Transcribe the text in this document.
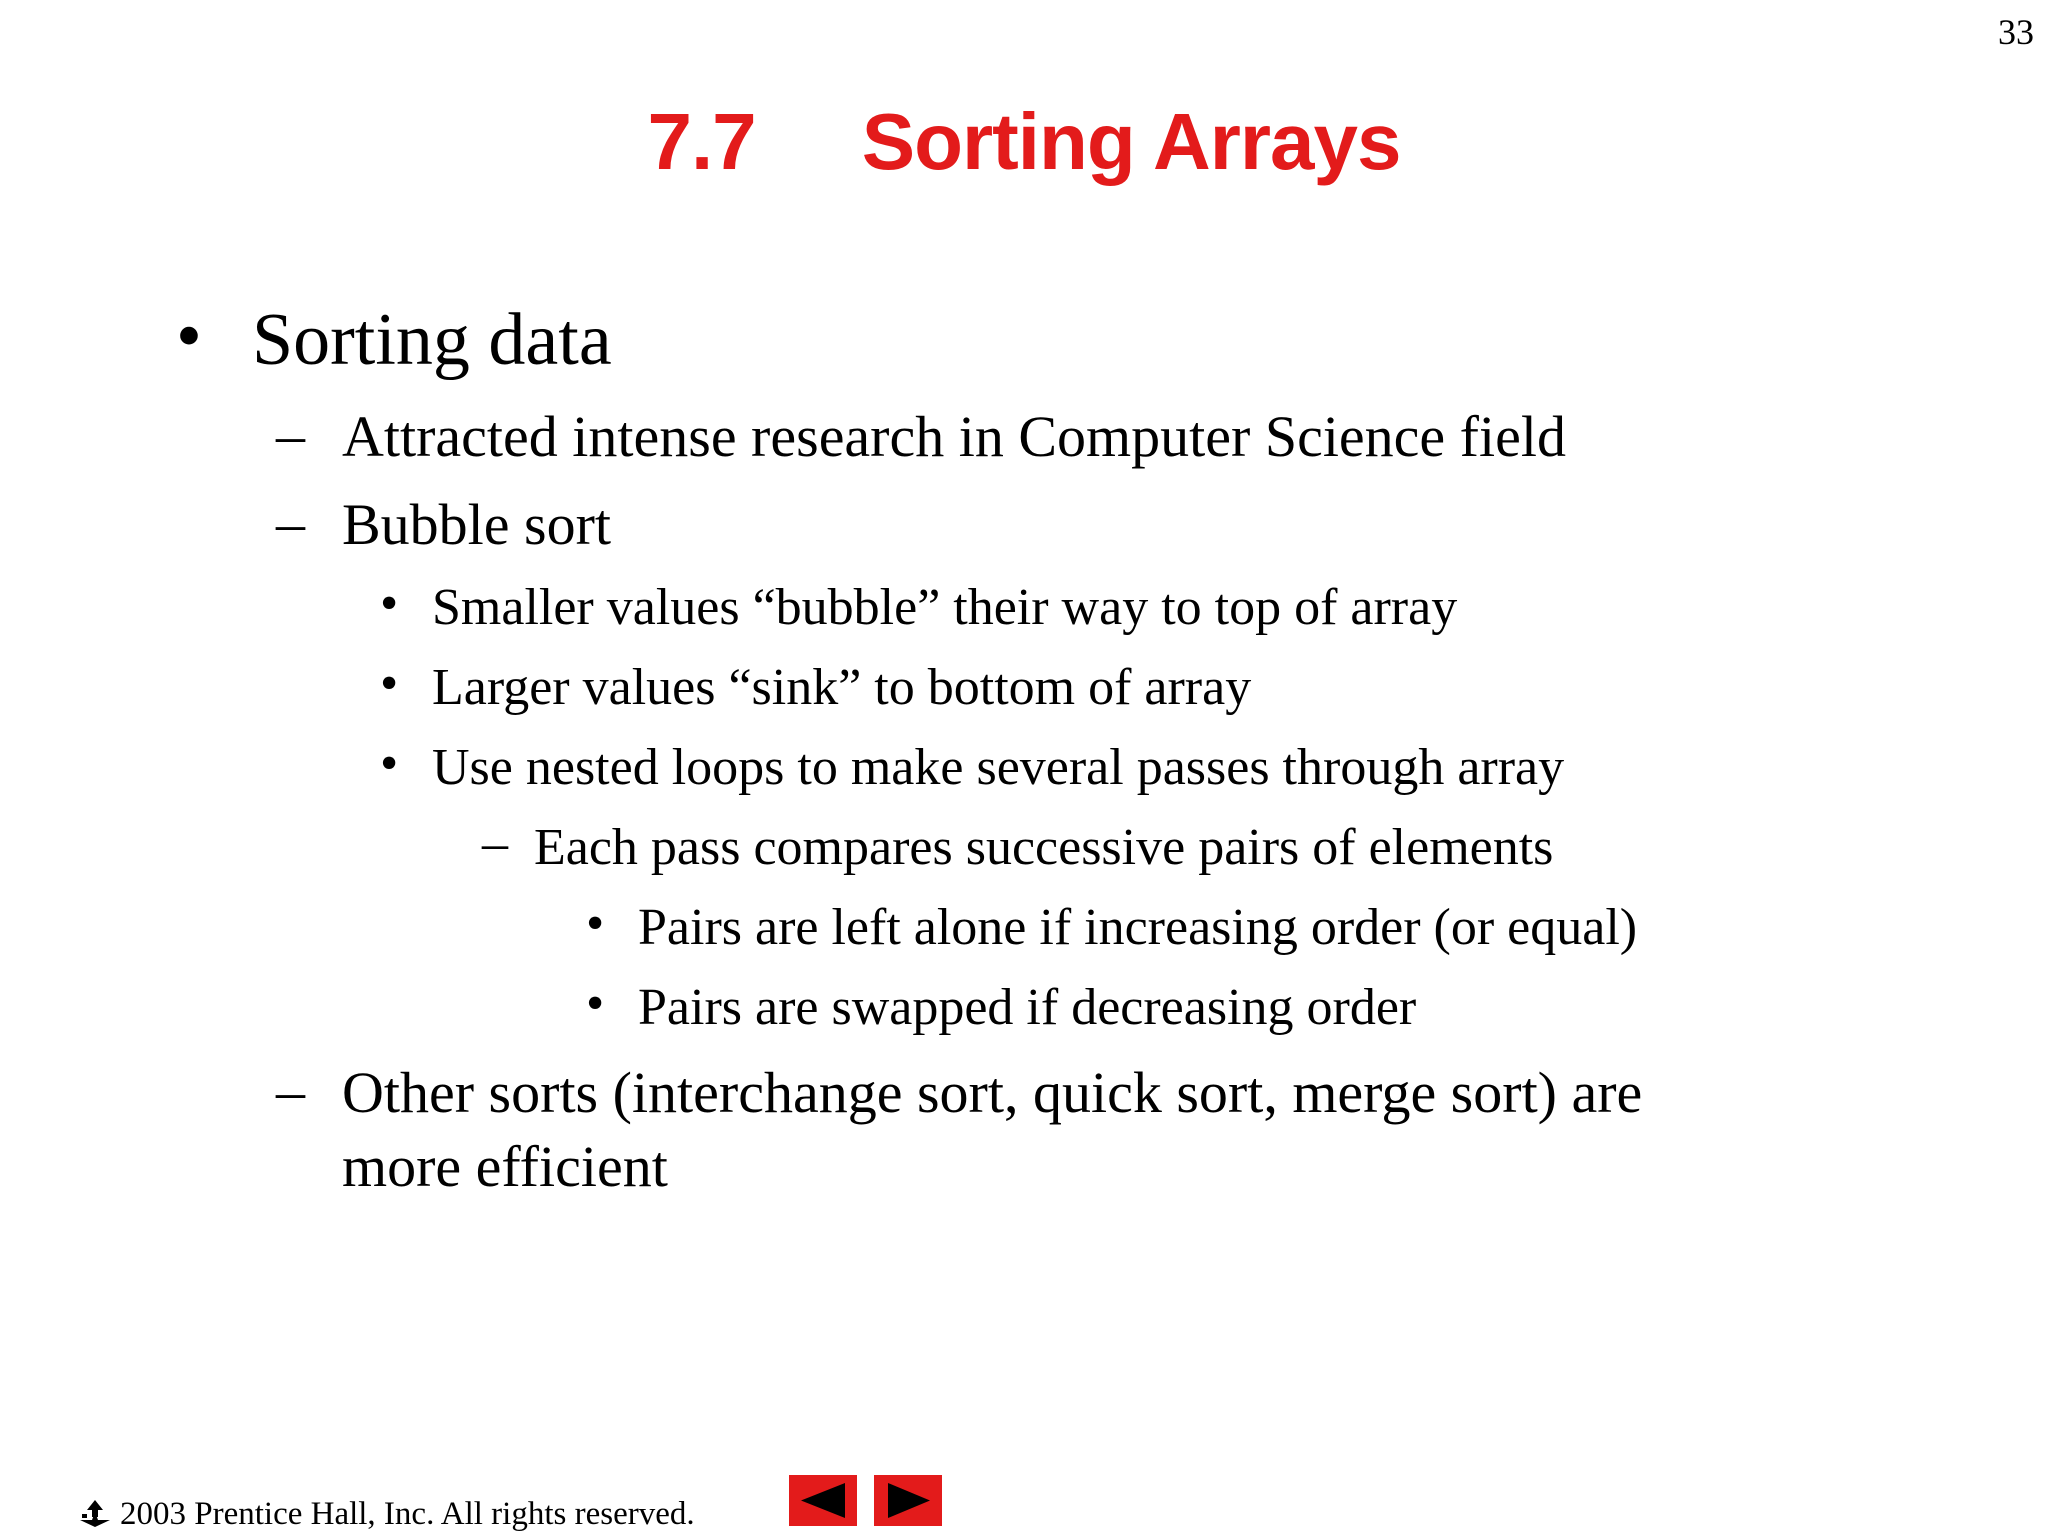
33
7.7     Sorting Arrays
• Sorting data
– Attracted intense research in Computer Science field
– Bubble sort
• Smaller values “bubble” their way to top of array
• Larger values “sink” to bottom of array
• Use nested loops to make several passes through array
– Each pass compares successive pairs of elements
• Pairs are left alone if increasing order (or equal)
• Pairs are swapped if decreasing order
– Other sorts (interchange sort, quick sort, merge sort) are
more efficient
2003 Prentice Hall, Inc. All rights reserved.
